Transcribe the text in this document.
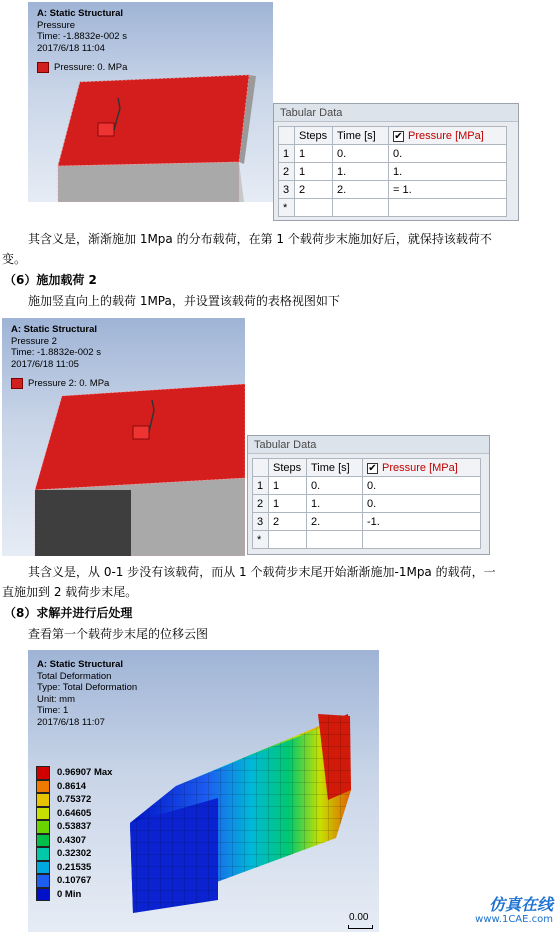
A: Static Structural
Pressure
Time: -1.8832e-002 s
2017/6/18 11:04
Pressure: 0. MPa
Tabular Data
	Steps	Time [s]	✔ Pressure [MPa]
1	1	0.	0.
2	1	1.	1.
3	2	2.	= 1.
*			
其含义是，渐渐施加 1Mpa 的分布载荷，在第 1 个载荷步末施加好后，就保持该载荷不
变。
（6）施加载荷 2
施加竖直向上的载荷 1MPa，并设置该载荷的表格视图如下
A: Static Structural
Pressure 2
Time: -1.8832e-002 s
2017/6/18 11:05
Pressure 2: 0. MPa
Tabular Data
	Steps	Time [s]	✔ Pressure [MPa]
1	1	0.	0.
2	1	1.	0.
3	2	2.	-1.
*			
其含义是，从 0-1 步没有该载荷，而从 1 个载荷步末尾开始渐渐施加-1Mpa 的载荷，一
直施加到 2 载荷步末尾。
（8）求解并进行后处理
查看第一个载荷步末尾的位移云图
A: Static Structural
Total Deformation
Type: Total Deformation
Unit: mm
Time: 1
2017/6/18 11:07
0.96907 Max
0.8614
0.75372
0.64605
0.53837
0.4307
0.32302
0.21535
0.10767
0 Min
0.00
仿真在线
www.1CAE.com
